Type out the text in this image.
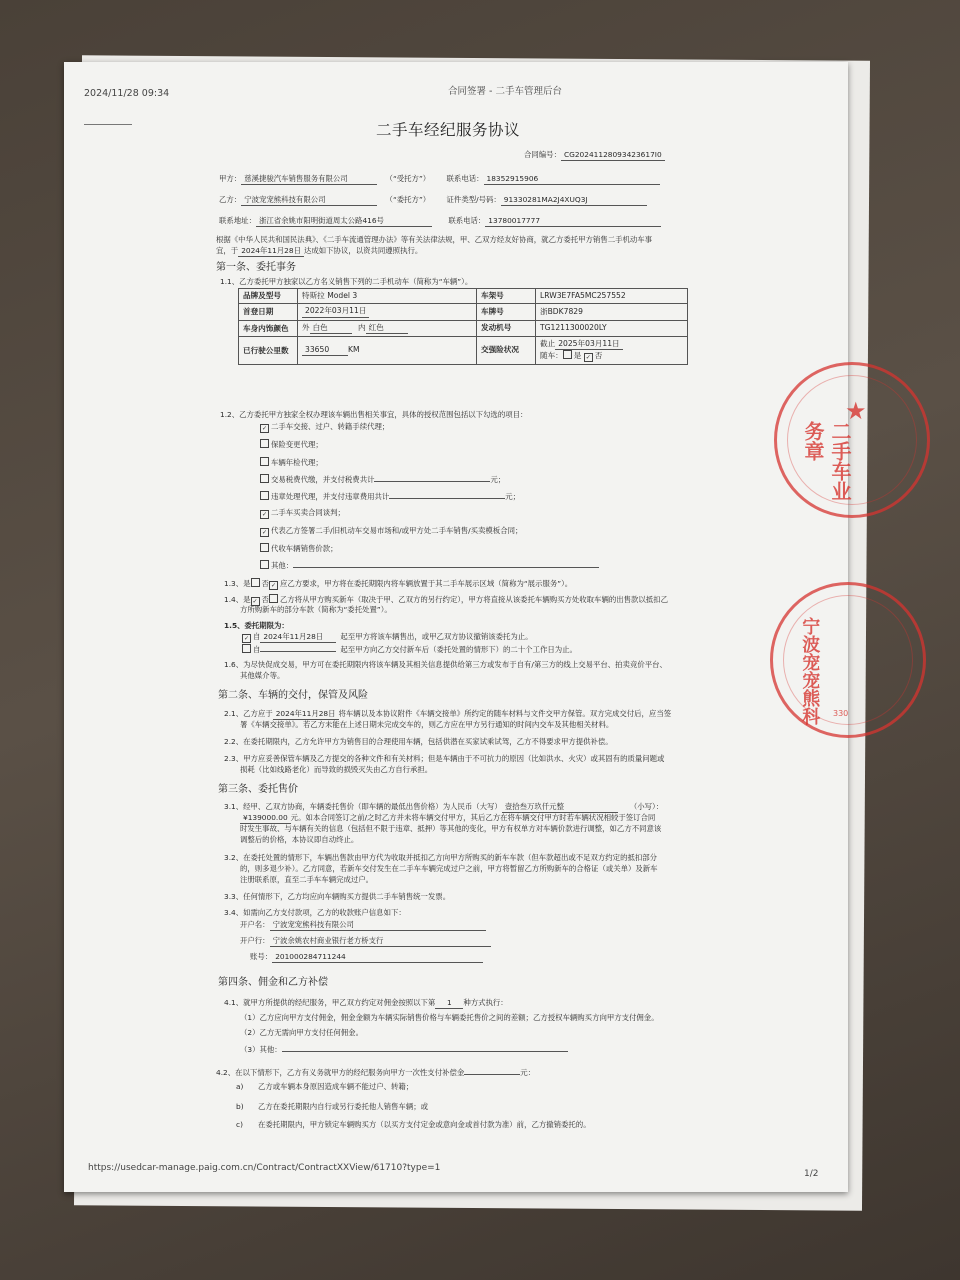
2024/11/28 09:34	合同签署 - 二手车管理后台
二手车经纪服务协议
合同编号： CG20241128093423617I0
甲方： 慈溪捷骏汽车销售服务有限公司	（“受托方”） 联系电话： 18352915906
乙方： 宁波宠宠熊科技有限公司	（“委托方”） 证件类型/号码： 91330281MA2J4XUQ3J
联系地址： 浙江省余姚市阳明街道周太公路416号	联系电话： 13780017777
根据《中华人民共和国民法典》、《二手车流通管理办法》等有关法律法规，甲、乙双方经友好协商，就乙方委托甲方销售二手机动车事
宜，于 2024年11月28日 达成如下协议，以资共同遵照执行。
第一条、委托事务
1.1、乙方委托甲方独家以乙方名义销售下列的二手机动车（简称为“车辆”）。
品牌及型号	特斯拉 Model 3	车架号	LRW3E7FA5MC257552
首登日期	2022年03月11日	车牌号	浙BDK7829
车身内饰颜色	外 白色 内 红色	发动机号	TG1211300020LY
已行驶公里数	33650 KM	交强险状况	截止 2025年03月11日
随车： 是 ✓ 否
1.2、乙方委托甲方独家全权办理该车辆出售相关事宜，具体的授权范围包括以下勾选的项目：
✓ 二手车交接、过户、转籍手续代理；
保险变更代理；
车辆年检代理；
交易税费代缴，并支付税费共计	元；
违章处理代理，并支付违章费用共计	元；
✓ 二手车买卖合同谈判；
✓ 代表乙方签署二手/旧机动车交易市场和/或甲方处二手车销售/买卖模板合同；
代收车辆销售价款；
其他：
1.3、是 否 ✓ 应乙方要求，甲方将在委托期限内将车辆放置于其二手车展示区域（简称为“展示服务”）。
1.4、是 ✓ 否 乙方将从甲方购买新车（取决于甲、乙双方的另行约定），甲方将直接从该委托车辆购买方处收取车辆的出售款以抵扣乙
方所购新车的部分车款（简称为“委托处置”）。
1.5、委托期限为：
✓ 自 2024年11月28日 起至甲方将该车辆售出，或甲乙双方协议撤销该委托为止。
自	起至甲方向乙方交付新车后（委托处置的情形下）的二十个工作日为止。
1.6、为尽快促成交易，甲方可在委托期限内将该车辆及其相关信息提供给第三方或发布于自有/第三方的线上交易平台、拍卖竞价平台、
其他媒介等。
第二条、车辆的交付，保管及风险
2.1、乙方应于 2024年11月28日 将车辆以及本协议附件《车辆交接单》所约定的随车材料与文件交甲方保管。双方完成交付后，应当签
署《车辆交接单》。若乙方未能在上述日期未完成交车的，则乙方应在甲方另行通知的时间内交车及其他相关材料。
2.2、在委托期限内，乙方允许甲方为销售目的合理使用车辆，包括供潜在买家试乘试驾，乙方不得要求甲方提供补偿。
2.3、甲方应妥善保管车辆及乙方提交的各种文件和有关材料；但是车辆由于不可抗力的原因（比如洪水、火灾）或其固有的质量问题或
损耗（比如线路老化）而导致的损毁灭失由乙方自行承担。
第三条、委托售价
3.1、经甲、乙双方协商，车辆委托售价（即车辆的最低出售价格）为人民币（大写） 壹拾叁万玖仟元整	（小写）：
¥139000.00 元。如本合同签订之前/之时乙方并未将车辆交付甲方，其后乙方在将车辆交付甲方时若车辆状况相较于签订合同
时发生事故、与车辆有关的信息（包括但不限于违章、抵押）等其他的变化，甲方有权单方对车辆价款进行调整，如乙方不同意该
调整后的价格，本协议即自动终止。
3.2、在委托处置的情形下，车辆出售款由甲方代为收取并抵扣乙方向甲方所购买的新车车款（但车款超出或不足双方约定的抵扣部分
的，则多退少补）。乙方同意，若新车交付发生在二手车车辆完成过户之前，甲方将暂留乙方所购新车的合格证（或关单）及新车
注册联系原，直至二手车车辆完成过户。
3.3、任何情形下，乙方均应向车辆购买方提供二手车销售统一发票。
3.4、如需向乙方支付款项，乙方的收款账户信息如下：
开户名： 宁波宠宠熊科技有限公司
开户行： 宁波余姚农村商业银行老方桥支行
账号： 201000284711244
第四条、佣金和乙方补偿
4.1、就甲方所提供的经纪服务，甲乙双方约定对佣金按照以下第 1 种方式执行：
（1）乙方应向甲方支付佣金，佣金金额为车辆实际销售价格与车辆委托售价之间的差额；乙方授权车辆购买方向甲方支付佣金。
（2）乙方无需向甲方支付任何佣金。
（3）其他：
4.2、在以下情形下，乙方有义务就甲方的经纪服务向甲方一次性支付补偿金	元：
a) 乙方或车辆本身原因造成车辆不能过户、转籍；
b) 乙方在委托期限内自行或另行委托他人销售车辆；或
c) 在委托期限内，甲方锁定车辆购买方（以买方支付定金或意向金或首付款为准）前，乙方撤销委托的。
https://usedcar-manage.paig.com.cn/Contract/ContractXXView/61710?type=1
1/2
二手车业务章
★
宁波宠宠熊科 330
